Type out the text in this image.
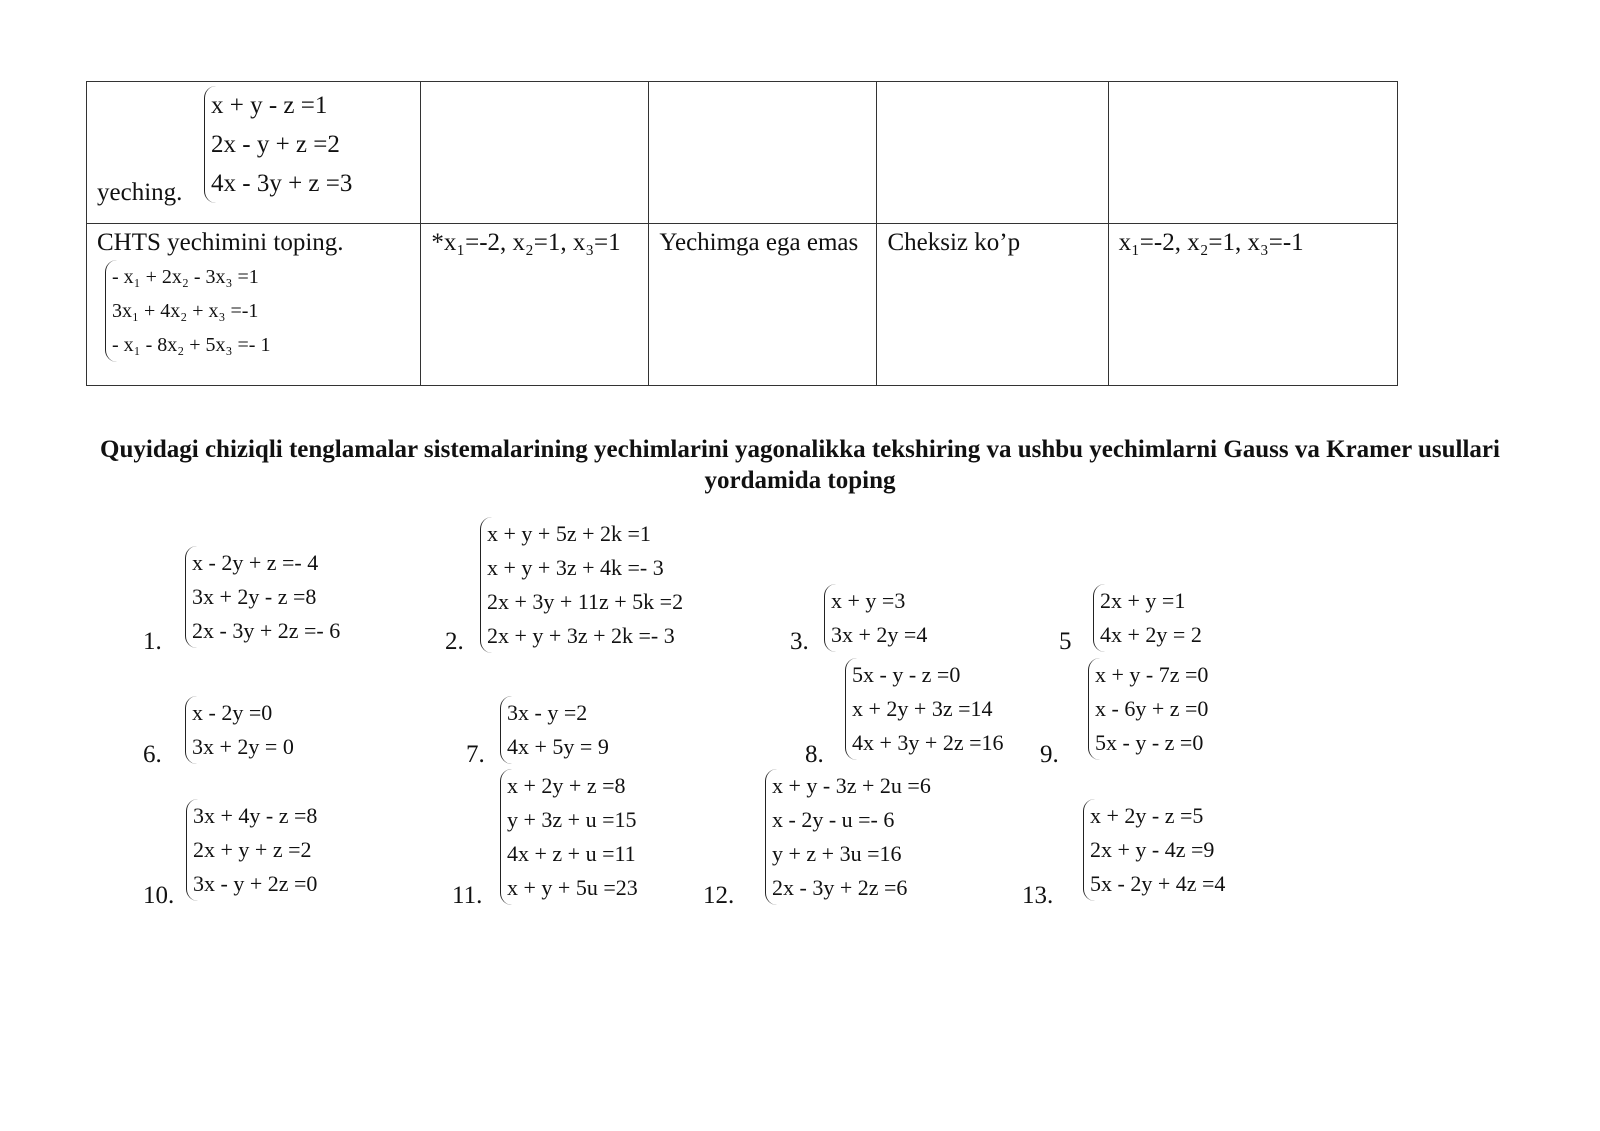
x + y - z =1
2x - y + z =2
4x - 3y + z =3
yeching.				

CHTS yechimini toping.
- x₁ + 2x₂ - 3x₃ =1
3x₁ + 4x₂ + x₃ =-1
- x₁ - 8x₂ + 5x₃ =- 1	*x₁=-2, x₂=1, x₃=1	Yechimga ega emas	Cheksiz ko’p	x₁=-2, x₂=1, x₃=-1
Quyidagi chiziqli tenglamalar sistemalarining yechimlarini yagonalikka tekshiring va ushbu yechimlarni Gauss va Kramer usullari yordamida toping
1.
x - 2y + z =- 4
3x + 2y - z =8
2x - 3y + 2z =- 6	2.
x + y + 5z + 2k =1
x + y + 3z + 4k =- 3
2x + 3y + 11z + 5k =2
2x + y + 3z + 2k =- 3	3.
x + y =3
3x + 2y =4	5
2x + y =1
4x + 2y = 2
6.
x - 2y =0
3x + 2y = 0	7.
3x - y =2
4x + 5y = 9	8.
5x - y - z =0
x + 2y + 3z =14
4x + 3y + 2z =16 9.
x + y - 7z =0
x - 6y + z =0
5x - y - z =0
10.
3x + 4y - z =8
2x + y + z =2
3x - y + 2z =0	11.
x + 2y + z =8
y + 3z + u =15
4x + z + u =11
x + y + 5u =23	12.
x + y - 3z + 2u =6
x - 2y - u =- 6
y + z + 3u =16
2x - 3y + 2z =6	13.
x + 2y - z =5
2x + y - 4z =9
5x - 2y + 4z =4
